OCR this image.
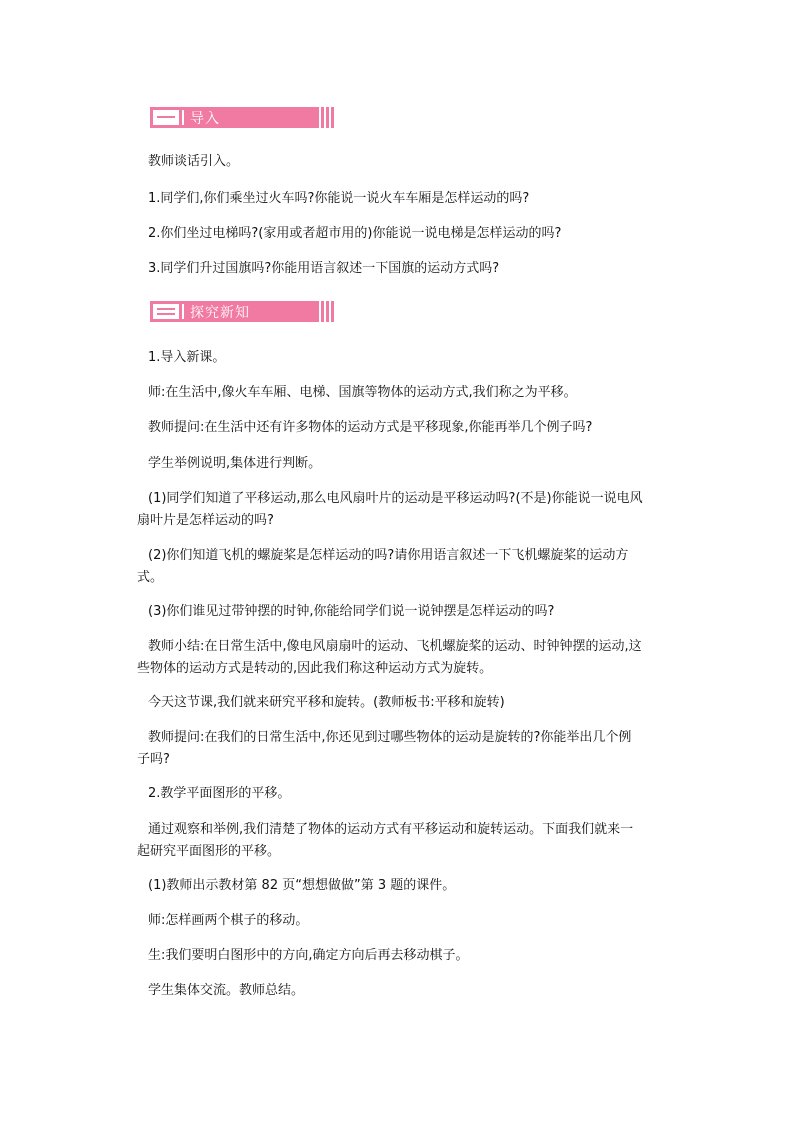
导入

教师谈话引入。

1.同学们,你们乘坐过火车吗?你能说一说火车车厢是怎样运动的吗?

2.你们坐过电梯吗?(家用或者超市用的)你能说一说电梯是怎样运动的吗?

3.同学们升过国旗吗?你能用语言叙述一下国旗的运动方式吗?

探究新知

1.导入新课。

师:在生活中,像火车车厢、电梯、国旗等物体的运动方式,我们称之为平移。

教师提问:在生活中还有许多物体的运动方式是平移现象,你能再举几个例子吗?

学生举例说明,集体进行判断。

(1)同学们知道了平移运动,那么电风扇叶片的运动是平移运动吗?(不是)你能说一说电风

扇叶片是怎样运动的吗?

(2)你们知道飞机的螺旋桨是怎样运动的吗?请你用语言叙述一下飞机螺旋桨的运动方

式。

(3)你们谁见过带钟摆的时钟,你能给同学们说一说钟摆是怎样运动的吗?

教师小结:在日常生活中,像电风扇扇叶的运动、飞机螺旋桨的运动、时钟钟摆的运动,这

些物体的运动方式是转动的,因此我们称这种运动方式为旋转。

今天这节课,我们就来研究平移和旋转。(教师板书:平移和旋转)

教师提问:在我们的日常生活中,你还见到过哪些物体的运动是旋转的?你能举出几个例

子吗?

2.教学平面图形的平移。

通过观察和举例,我们清楚了物体的运动方式有平移运动和旋转运动。下面我们就来一

起研究平面图形的平移。

(1)教师出示教材第 82 页“想想做做”第 3 题的课件。

师:怎样画两个棋子的移动。

生:我们要明白图形中的方向,确定方向后再去移动棋子。

学生集体交流。教师总结。
